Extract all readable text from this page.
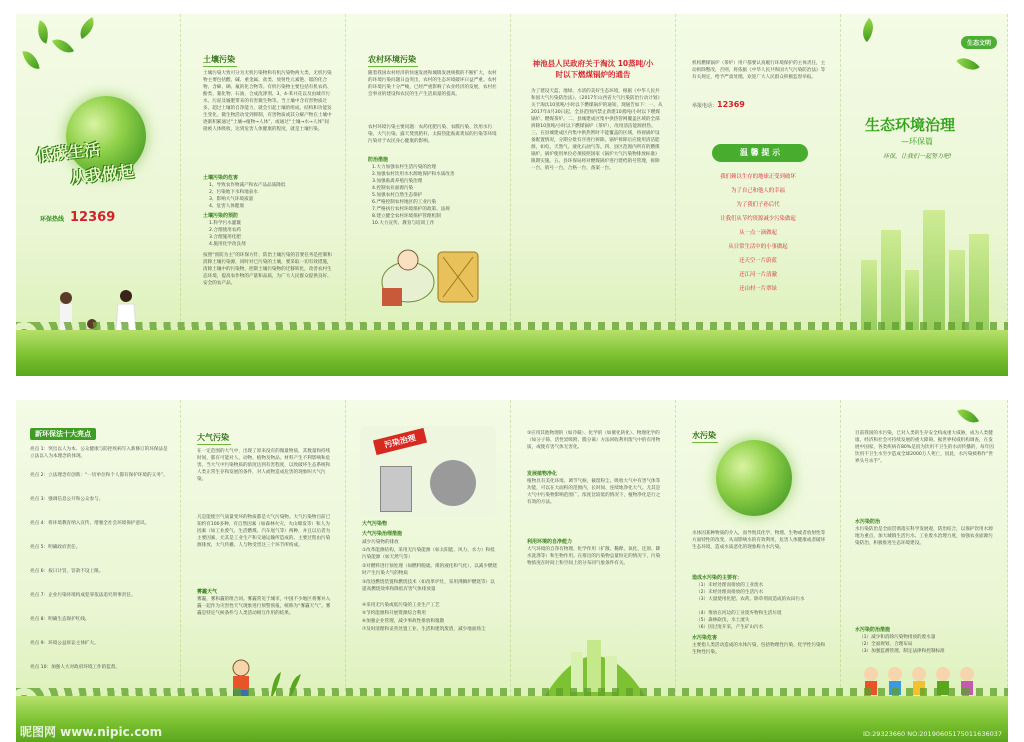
低碳生活
从我做起
环保热线 12369
土壤污染
土壤污染大致可分为无机污染物和有机污染物两大类。无机污染物主要包括酸、碱、重金属、盐类、放射性元素铯、锶的化合物、含砷、硒、氟的化合物等。有机污染物主要包括有机农药、酚类、氰化物、石油、合成洗涤剂、3，4-苯并芘以及由城市污水、污泥及厩肥带来的有害微生物等。当土壤中含有害物质过多，超过土壤的自净能力，就会引起土壤的组成、结构和功能发生变化，微生物活动受到抑制，有害物质或其分解产物在土壤中逐渐积累通过“土壤→植物→人体”，或通过“土壤→水→人体”间接被人体吸收，达到危害人体健康的程度，就是土壤污染。
土壤污染的危害
1、导致农作物减产和农产品品质降低
2、污染地下水和地表水
3、影响大气环境质量
4、危害人体健康
土壤污染的预防
1.科学污水灌溉
2.合理使用农药
3.合理施用化肥
4.施用化学改良剂
按照“预防为主”的环保方针，防治土壤污染的首要任务是控制和消除土壤污染源，同时对已污染的土壤，要采取一切有效措施，清除土壤中的污染物，控制土壤污染物的迁移转化，改善农村生态环境，提高农作物的产量和品质，为广大人民群众提供良好、安全的农产品。
农村环境污染
随着我国农村经济的快速发展和城镇发展规模的不断扩大，农村的环境污染问题日益突出，农村的生态环境破坏日益严重。农村的环境污染十分严峻，已经严重影响了农业经济的发展，农村社会事业的建设和农民的生产生活质量的提高。
农村环境污染主要问题：农药化肥污染、农膜污染、饮用水污染、大气污染、露天焚烧秸秆、太阳热能畜禽粪尿的污染等环境污染对于农民身心健康的影响。
防治措施
1.大力加强农村生活污染的治理
2.加强农村饮用水水源地保护和水质改善
3.加强畜禽养殖污染治理
4.控制农业面源污染
5.加强农村自然生态保护
6.严格控制农村地区的工业污染
7.严格执行农村环境保护的政策、法规
8.建立健全农村环境保护管理机制
10.大力宣传、教育与培训工作
神池县人民政府关于淘汰 10蒸吨/小时以下燃煤锅炉的通告
为了建设天蓝、地绿、水清的美好生态环境，根据《中华人民共和国大气污染防治法》、《2017年山西省大气污染防治行动计划》关于淘汰10蒸吨/小时以下燃煤锅炉的通知，现通告如下：一、从2017年4月30日起，全县范围内禁止新建10蒸吨/小时以下燃煤锅炉、燃煤茶炉。二、县城建成区集中供热管网覆盖区域的全部拆除10蒸吨/小时以下燃煤锅炉（茶炉），改用清洁能源供热。三、在县城建成区内集中供热暂时不能覆盖的区域，将视锅炉设备配置情况，分期分批有序进行拆除。锅炉拆除后应使用清洁能源，如电、天然气、液化石油气等。四、县区范围内所有的燃煤锅炉，锅炉使用单位必须按照国家《锅炉大气污染物排放标准》限期实施。五、县环保局将对燃煤锅炉进行建档销号管理，拆除一台，销号一台，合格一台，备案一台。
机构燃煤锅炉（茶炉）用户都要认真履行环境保护的主体责任，主动拆除整改，否则，将依据《中华人民共和国大气污染防治法》等有关规定，给予严肃处理。欢迎广大人民群众积极监督举报。
举报电话：12369
温 馨 提 示
我们赖以生存的地球正受到破坏
为了自己和他人的幸福
为了我们子孙后代
让我们从节约资源减少污染做起
从一点一滴做起
从日常生活中的小事做起
还天空一片蔚蓝
还江河一片清澈
还山村一片翠绿
生态文明
生态环境治理
—环保篇
环保，让我们一起努力吧!
新环保法十大亮点
亮点 1：突出以人为本、公众健康与防控疾病写入新修订的环保法是立法以人为本理念的体现。
亮点 2：立法理念有创新：“一切单位和个人都有保护环境的义务”。
亮点 3：强调信息公开和公众参与。
亮点 4：将环境教育纳入宣传，增强全社会环境保护意识。
亮点 5：明确政府责任。
亮点 6：按日计罚，罚款不设上限。
亮点 7：企业污染环境构成犯罪依法追究刑事责任。
亮点 8：明确生态保护红线。
亮点 9：环境公益诉讼主体扩大。
亮点 10：加强人大对政府环境工作的监督。
大气污染
在一定范围的大气中，出现了原来没有的微量物质，其数量和持续时间，都有可能对人、动物、植物及物品、材料产生不利影响和危害。当大气中污染物质的浓度达到有害程度，以致破坏生态系统和人类正常生存和发展的条件，对人或物造成危害的现象叫大气污染。
凡是能使空气质量变坏的物质都是大气污染物。大气污染物目前已知约有100多种。有自然因素（如森林火灾、火山爆发等）和人为因素（如工业废气、生活燃煤、汽车尾气等）两种，并且以后者为主要因素，尤其是工业生产和交通运输所造成的。主要过程由污染源排放、大气传播、人与物受害这三个环节所构成。
雾霾天气
雾霾，雾和霾的组合词。雾霾常见于城市，中国不少地区将雾并入霾一起作为灾害性天气现象进行预警预报，统称为“雾霾天气”。雾霾是特定气候条件与人类活动相互作用的结果。
污染治理
大气污染物
大气污染治理措施
减少污染物的排放
①改革能源结构，采用无污染能源（如太阳能、风力、水力）和低污染能源（如天然气等）
②对燃料进行预处理（如燃料脱硫、煤的液化和气化），以减少燃烧时产生污染大气的物质
③改进燃烧装置和燃烧技术（如改革炉灶，采用沸腾炉燃烧等）以提高燃烧效率和降低有害气体排放量
④采用无污染或低污染的工业生产工艺
⑤节约能源和开展资源综合利用
⑥加强企业管理，减少事故性排放和逸散
⑦及时清理和妥善处置工业、生活和建筑废渣，减少地面扬尘
③应用其他物理的（如冷凝）、化学的（如催化转化）、物理化学的（如分子筛、活性炭吸附、膜分离）方法回收利用废气中的有用物质，或使有害气体无害化。
发展植物净化
植物具有美化环境、调节气候、截留粉尘、吸收大气中有害气体等功能，可以在大面积的范围内，长时间、连续地净化大气。尤其是大气中污染物影响范围广、浓度比较低的情况下，植物净化是行之有效的方法。
利用环境的自净能力
大气环境的自净有物理、化学作用（扩散、稀释、氧化、还原、降水洗涤等）和生物作用。在排出的污染物总量恒定的情况下，污染物浓度在时间上和空间上的分布同气象条件有关。
水污染
水体因某种物质的介入，而导致其化学、物理、生物或者放射性等方面特性的改变，从而影响水的有效利用，危害人体健康或者破坏生态环境，造成水质恶化的现象称为水污染。
造成水污染的主要有：
（1）未经处理而排放的工业废水
（2）未经处理而排放的生活污水
（3）大量使用化肥、农药、除草剂而造成的农田污水
（4）堆放在河边的工业废弃物和生活垃圾
（5）森林砍伐，水土流失
（6）因过度开采，产生矿山污水
水污染危害
主要指人类活动造成的水体污染，包括物理性污染、化学性污染和生物性污染。
目前我国的水污染，已对人类的生存安全构成重大威胁，成为人类健康、经济和社会可持续发展的重大障碍。据世界权威机构调查，在发展中国家，各类疾病有80%是因为饮用不卫生的水而传播的，每年因饮用不卫生水至少造成全球2000万人死亡，因此，水污染被称作“世界头号杀手”。
水污染防治
水污染防治是全面贯彻落实科学发展观，防治结合，以保护饮用水源地为重点，加大城镇生活污水、工业废水治理力度，加强农业面源污染防治，积极推进生态环境建设。
水污染防治措施
（1）减少和消除污染物排放的废水量
（2）全面规划，合理布局
（3）加强监测管理，制定法律和控制标准
昵图网 www.nipic.com	ID:29323660 NO:20190605175011636037
